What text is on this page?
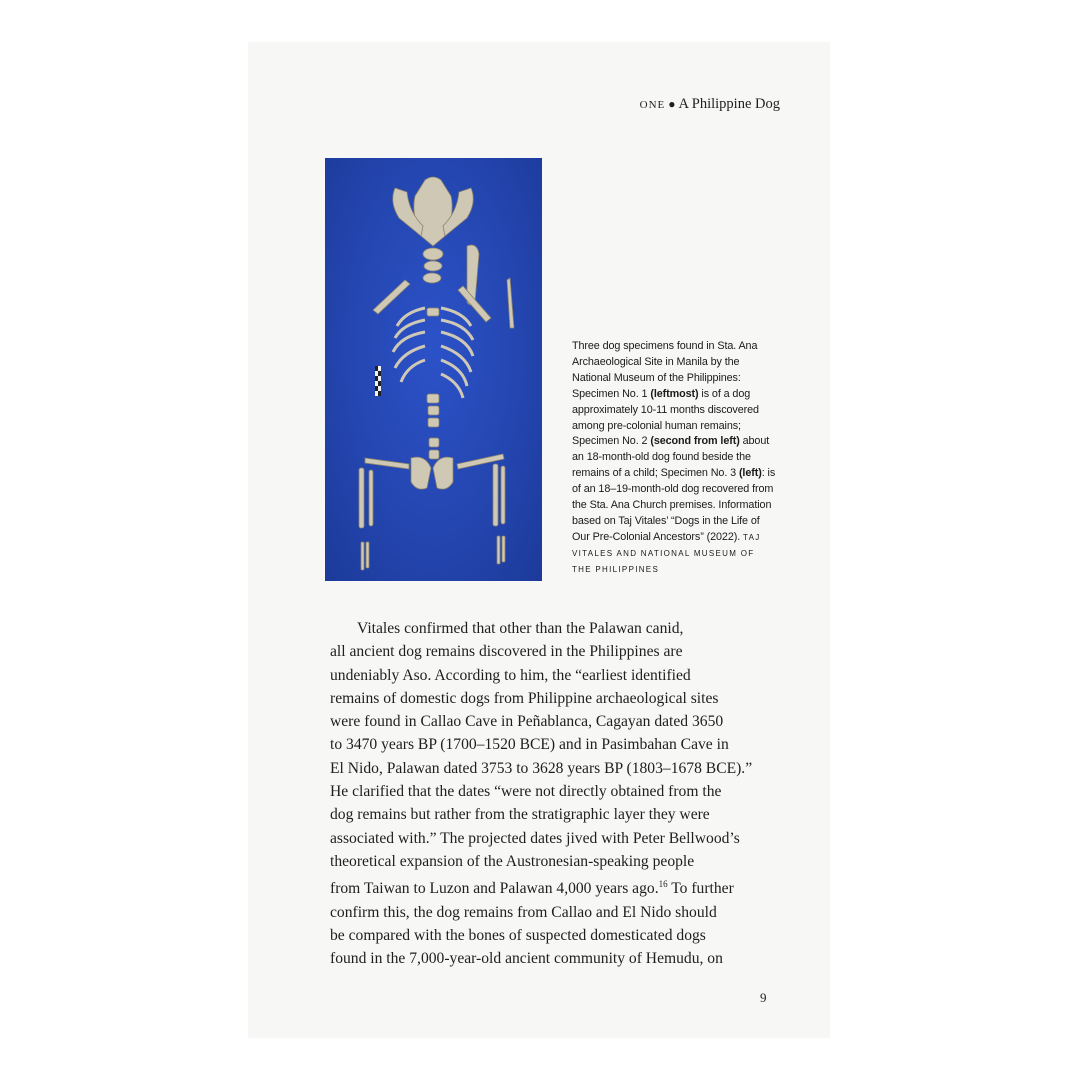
ONE ● A Philippine Dog
Three dog specimens found in Sta. Ana Archaeological Site in Manila by the National Museum of the Philippines: Specimen No. 1 (leftmost) is of a dog approximately 10-11 months discovered among pre-colonial human remains; Specimen No. 2 (second from left) about an 18-month-old dog found beside the remains of a child; Specimen No. 3 (left): is of an 18–19-month-old dog recovered from the Sta. Ana Church premises. Information based on Taj Vitales’ “Dogs in the Life of Our Pre-Colonial Ancestors” (2022). TAJ VITALES AND NATIONAL MUSEUM OF THE PHILIPPINES
Vitales confirmed that other than the Palawan canid,
all ancient dog remains discovered in the Philippines are
undeniably Aso. According to him, the “earliest identified
remains of domestic dogs from Philippine archaeological sites
were found in Callao Cave in Peñablanca, Cagayan dated 3650
to 3470 years BP (1700–1520 BCE) and in Pasimbahan Cave in
El Nido, Palawan dated 3753 to 3628 years BP (1803–1678 BCE).”
He clarified that the dates “were not directly obtained from the
dog remains but rather from the stratigraphic layer they were
associated with.” The projected dates jived with Peter Bellwood’s
theoretical expansion of the Austronesian-speaking people
from Taiwan to Luzon and Palawan 4,000 years ago.$^{16}$ To further
confirm this, the dog remains from Callao and El Nido should
be compared with the bones of suspected domesticated dogs
found in the 7,000-year-old ancient community of Hemudu, on
9
